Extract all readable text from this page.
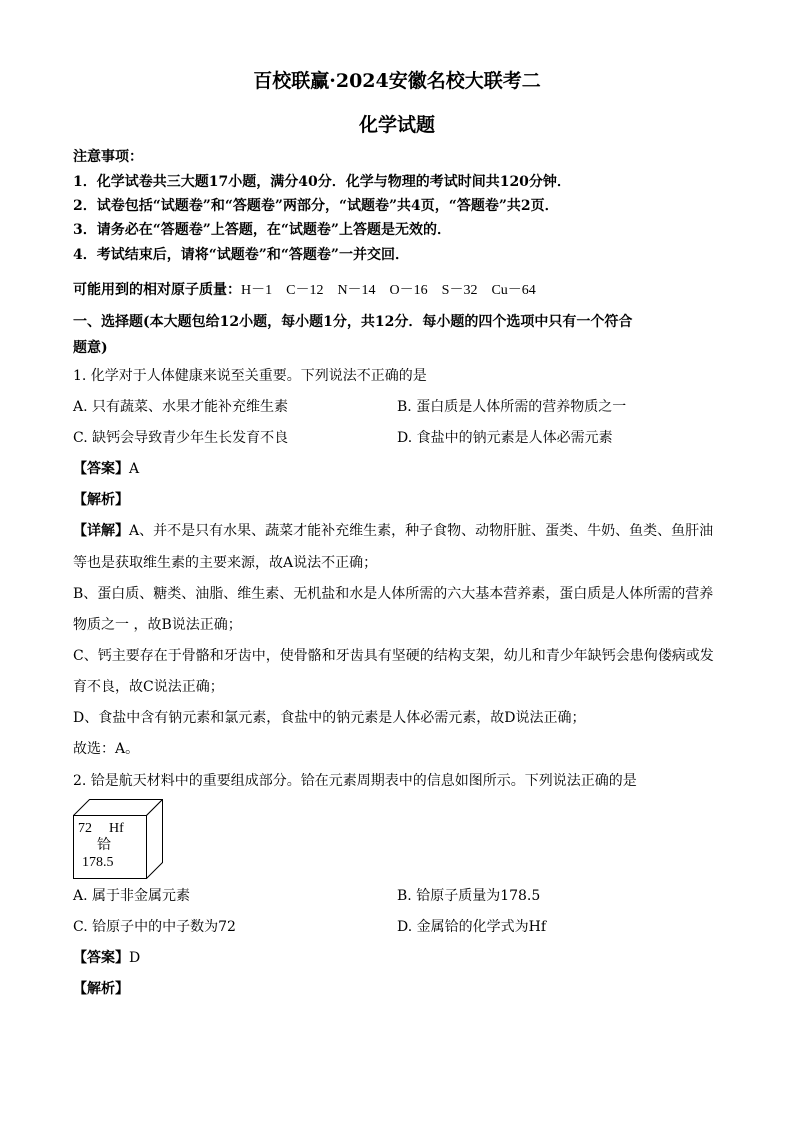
百校联赢·2024安徽名校大联考二
化学试题
注意事项：
1．化学试卷共三大题17小题，满分40分．化学与物理的考试时间共120分钟．
2．试卷包括“试题卷”和“答题卷”两部分，“试题卷”共4页，“答题卷”共2页．
3．请务必在“答题卷”上答题，在“试题卷”上答题是无效的．
4．考试结束后，请将“试题卷”和“答题卷”一并交回．
可能用到的相对原子质量：H－1　C－12　N－14　O－16　S－32　Cu－64
一、选择题(本大题包给12小题，每小题1分，共12分．每小题的四个选项中只有一个符合
题意)
1. 化学对于人体健康来说至关重要。下列说法不正确的是
A. 只有蔬菜、水果才能补充维生素	B. 蛋白质是人体所需的营养物质之一
C. 缺钙会导致青少年生长发育不良	D. 食盐中的钠元素是人体必需元素
【答案】A
【解析】
【详解】A、并不是只有水果、蔬菜才能补充维生素，种子食物、动物肝脏、蛋类、牛奶、鱼类、鱼肝油
等也是获取维生素的主要来源，故A说法不正确；
B、蛋白质、糖类、油脂、维生素、无机盐和水是人体所需的六大基本营养素，蛋白质是人体所需的营养
物质之一 ，故B说法正确；
C、钙主要存在于骨骼和牙齿中，使骨骼和牙齿具有坚硬的结构支架，幼儿和青少年缺钙会患佝偻病或发
育不良，故C说法正确；
D、食盐中含有钠元素和氯元素，食盐中的钠元素是人体必需元素，故D说法正确；
故选：A。
2. 铪是航天材料中的重要组成部分。铪在元素周期表中的信息如图所示。下列说法正确的是
72 Hf
铪
178.5
A. 属于非金属元素	B. 铪原子质量为178.5
C. 铪原子中的中子数为72	D. 金属铪的化学式为Hf
【答案】D
【解析】
